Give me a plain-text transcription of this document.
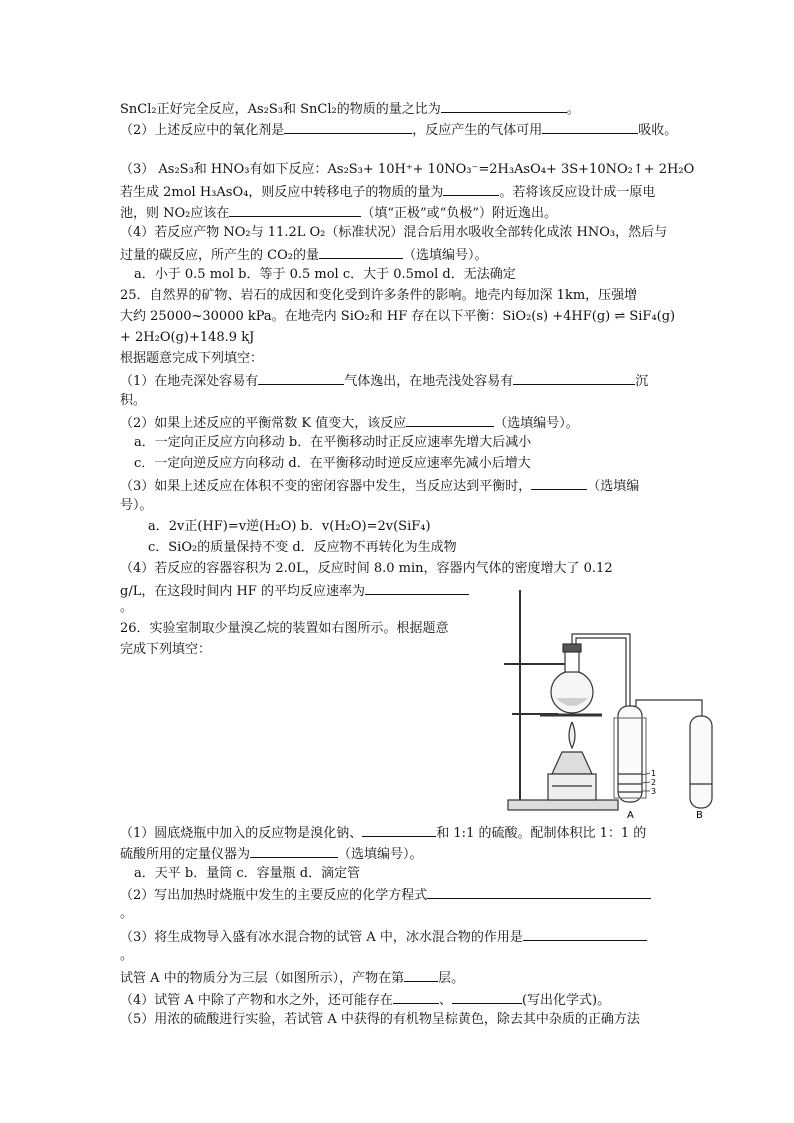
SnCl₂正好完全反应，As₂S₃和 SnCl₂的物质的量之比为	。
（2）上述反应中的氧化剂是	，反应产生的气体可用	吸收。
（3） As₂S₃和 HNO₃有如下反应：As₂S₃+ 10H⁺+ 10NO₃⁻=2H₃AsO₄+ 3S+10NO₂↑+ 2H₂O
若生成 2mol H₃AsO₄，则反应中转移电子的物质的量为	。若将该反应设计成一原电
池，则 NO₂应该在	（填“正极”或“负极”）附近逸出。
（4）若反应产物 NO₂与 11.2L O₂（标准状况）混合后用水吸收全部转化成浓 HNO₃，然后与
过量的碳反应，所产生的 CO₂的量	（选填编号）。
a．小于 0.5 mol b．等于 0.5 mol c．大于 0.5mol d．无法确定
25．自然界的矿物、岩石的成因和变化受到许多条件的影响。地壳内每加深 1km，压强增
大约 25000~30000 kPa。在地壳内 SiO₂和 HF 存在以下平衡：SiO₂(s) +4HF(g) ⇌ SiF₄(g)
+ 2H₂O(g)+148.9 kJ
根据题意完成下列填空：
（1）在地壳深处容易有	气体逸出，在地壳浅处容易有	沉
积。
（2）如果上述反应的平衡常数 K 值变大，该反应	（选填编号）。
a．一定向正反应方向移动 b．在平衡移动时正反应速率先增大后减小
c．一定向逆反应方向移动 d．在平衡移动时逆反应速率先减小后增大
（3）如果上述反应在体积不变的密闭容器中发生，当反应达到平衡时，	（选填编
号）。
a．2v正(HF)=v逆(H₂O) b．v(H₂O)=2v(SiF₄)
c．SiO₂的质量保持不变 d．反应物不再转化为生成物
（4）若反应的容器容积为 2.0L，反应时间 8.0 min，容器内气体的密度增大了 0.12
g/L，在这段时间内 HF 的平均反应速率为
。
26．实验室制取少量溴乙烷的装置如右图所示。根据题意
完成下列填空：
1
2
3
A	B
（1）圆底烧瓶中加入的反应物是溴化钠、	和 1:1 的硫酸。配制体积比 1：1 的
硫酸所用的定量仪器为	（选填编号）。
a．天平 b．量筒 c．容量瓶 d．滴定管
（2）写出加热时烧瓶中发生的主要反应的化学方程式
。
（3）将生成物导入盛有冰水混合物的试管 A 中，冰水混合物的作用是
。
试管 A 中的物质分为三层（如图所示），产物在第	层。
（4）试管 A 中除了产物和水之外，还可能存在	、	(写出化学式)。
（5）用浓的硫酸进行实验，若试管 A 中获得的有机物呈棕黄色，除去其中杂质的正确方法
